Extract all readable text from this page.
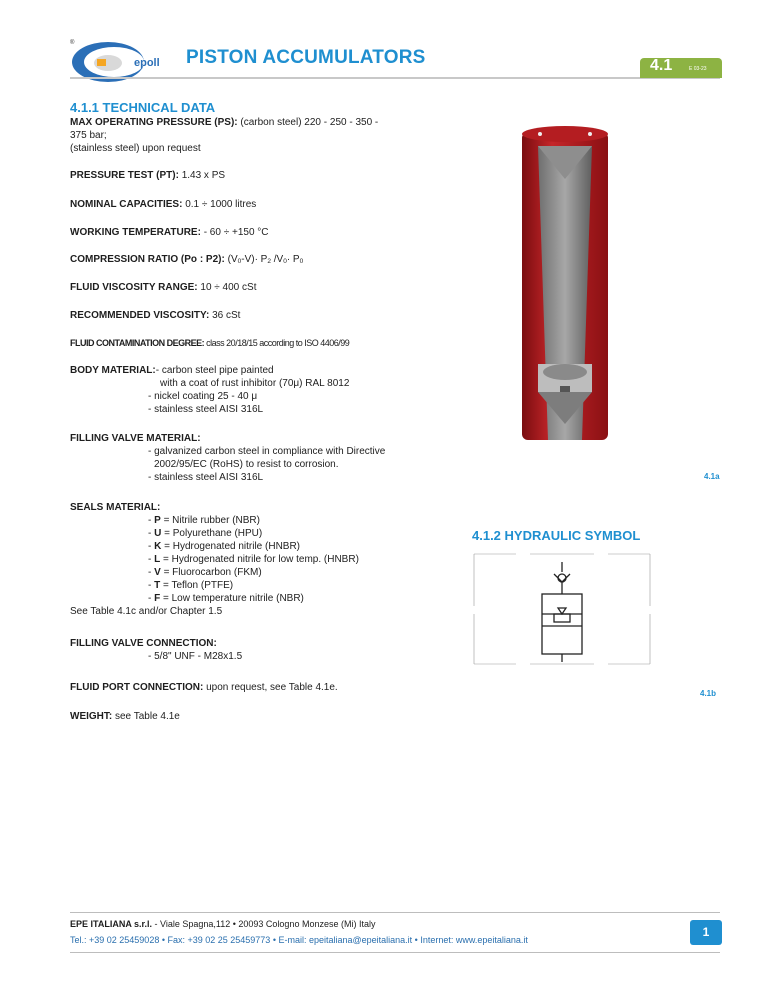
epoll
®
PISTON ACCUMULATORS	4.1	E 03-23
4.1.1 TECHNICAL DATA
MAX OPERATING PRESSURE (PS): (carbon steel) 220 - 250 - 350 -
375 bar;
(stainless steel) upon request
PRESSURE TEST (PT): 1.43 x PS
NOMINAL CAPACITIES: 0.1 ÷ 1000 litres
WORKING TEMPERATURE: - 60 ÷ +150 °C
COMPRESSION RATIO (Po : P2): (V0-V)· P2 /V0· P0
FLUID VISCOSITY RANGE: 10 ÷ 400 cSt
RECOMMENDED VISCOSITY: 36 cSt
FLUID CONTAMINATION DEGREE: class 20/18/15 according to ISO 4406/99
BODY MATERIAL:- carbon steel pipe painted
with a coat of rust inhibitor (70μ) RAL 8012
- nickel coating 25 - 40 μ
- stainless steel AISI 316L
FILLING VALVE MATERIAL:
- galvanized carbon steel in compliance with Directive
2002/95/EC (RoHS) to resist to corrosion.
- stainless steel AISI 316L
SEALS MATERIAL:
- P = Nitrile rubber (NBR)
- U = Polyurethane (HPU)
- K = Hydrogenated nitrile (HNBR)
- L = Hydrogenated nitrile for low temp. (HNBR)
- V = Fluorocarbon (FKM)
- T = Teflon (PTFE)
- F = Low temperature nitrile (NBR)
See Table 4.1c and/or Chapter 1.5
FILLING VALVE CONNECTION:
- 5/8" UNF - M28x1.5
FLUID PORT CONNECTION: upon request, see Table 4.1e.
WEIGHT: see Table 4.1e
4.1a
4.1.2 HYDRAULIC SYMBOL
4.1b
EPE ITALIANA s.r.l. - Viale Spagna,112 • 20093 Cologno Monzese (Mi) Italy
Tel.: +39 02 25459028 • Fax: +39 02 25 25459773 • E-mail: epeitaliana@epeitaliana.it • Internet: www.epeitaliana.it
1
